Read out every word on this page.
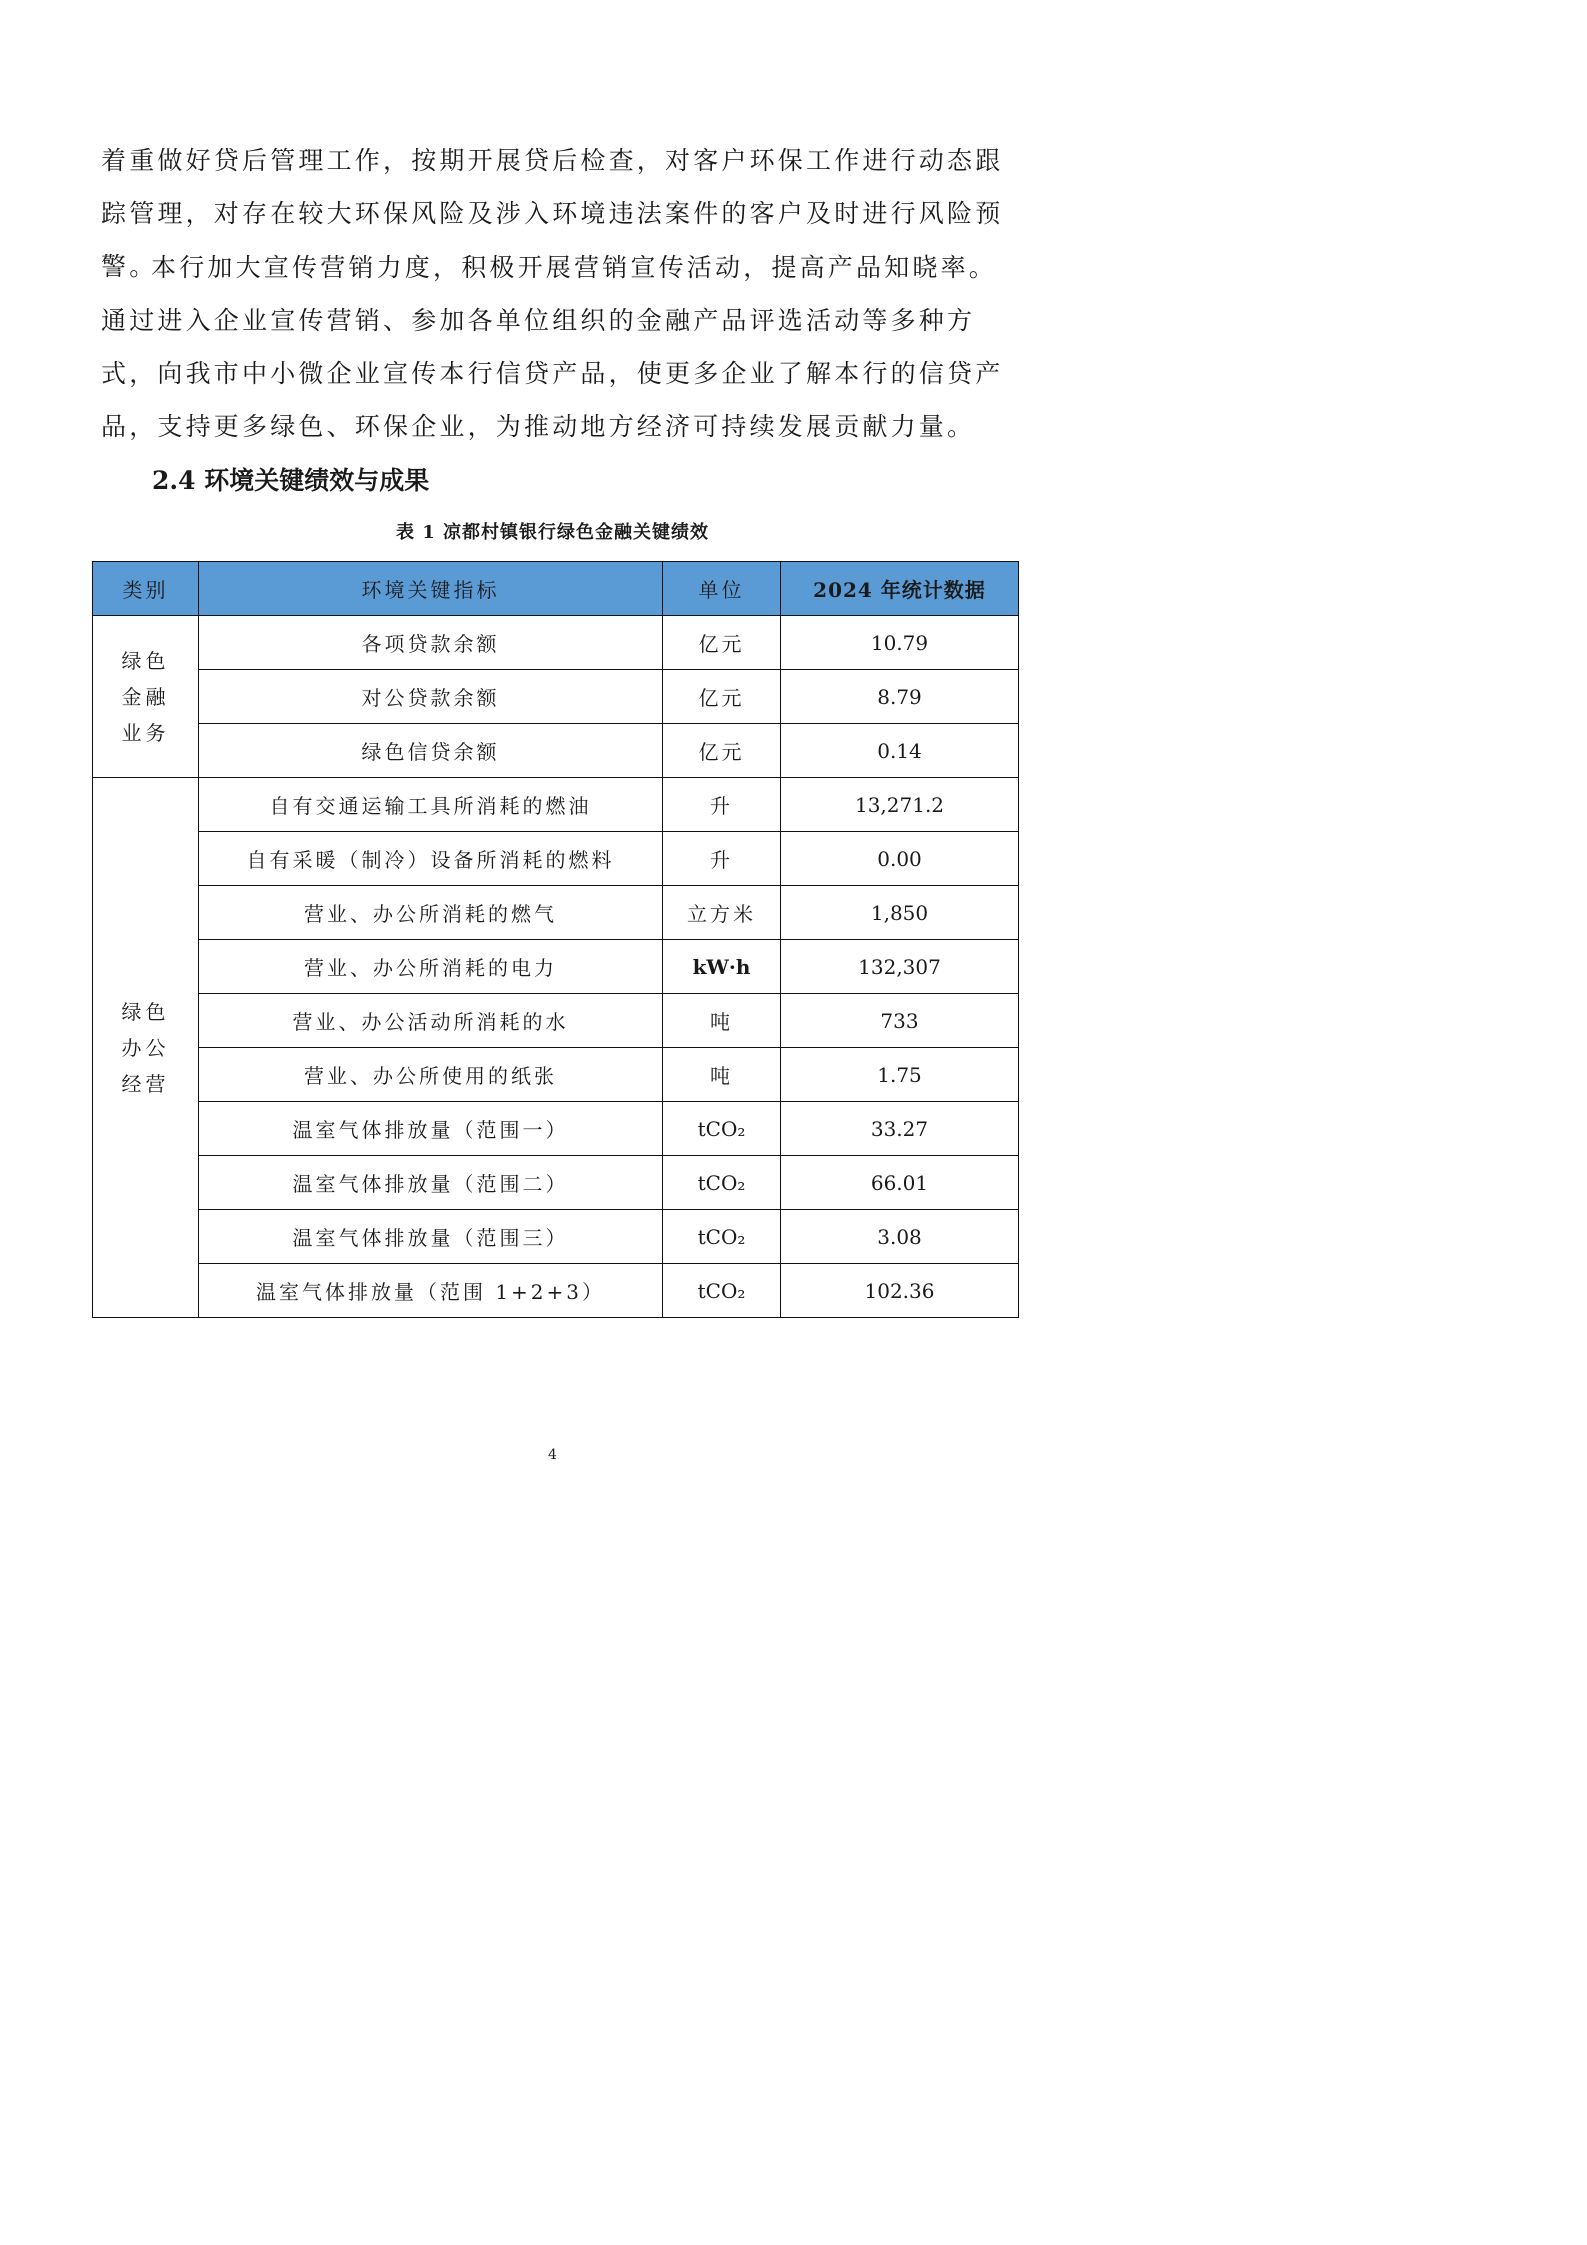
着重做好贷后管理工作，按期开展贷后检查，对客户环保工作进行动态跟踪管理，对存在较大环保风险及涉入环境违法案件的客户及时进行风险预警。

本行加大宣传营销力度，积极开展营销宣传活动，提高产品知晓率。通过进入企业宣传营销、参加各单位组织的金融产品评选活动等多种方式，向我市中小微企业宣传本行信贷产品，使更多企业了解本行的信贷产品，支持更多绿色、环保企业，为推动地方经济可持续发展贡献力量。

2.4 环境关键绩效与成果
表 1 凉都村镇银行绿色金融关键绩效
类别	环境关键指标	单位	2024 年统计数据

绿色金融业务	各项贷款余额	亿元	10.79
	对公贷款余额	亿元	8.79
	绿色信贷余额	亿元	0.14

绿色办公经营	自有交通运输工具所消耗的燃油	升	13,271.2
	自有采暖（制冷）设备所消耗的燃料	升	0.00
	营业、办公所消耗的燃气	立方米	1,850
	营业、办公所消耗的电力	kW·h	132,307
	营业、办公活动所消耗的水	吨	733
	营业、办公所使用的纸张	吨	1.75
	温室气体排放量（范围一）	tCO₂	33.27
	温室气体排放量（范围二）	tCO₂	66.01
	温室气体排放量（范围三）	tCO₂	3.08
	温室气体排放量（范围 1+2+3）	tCO₂	102.36
4
